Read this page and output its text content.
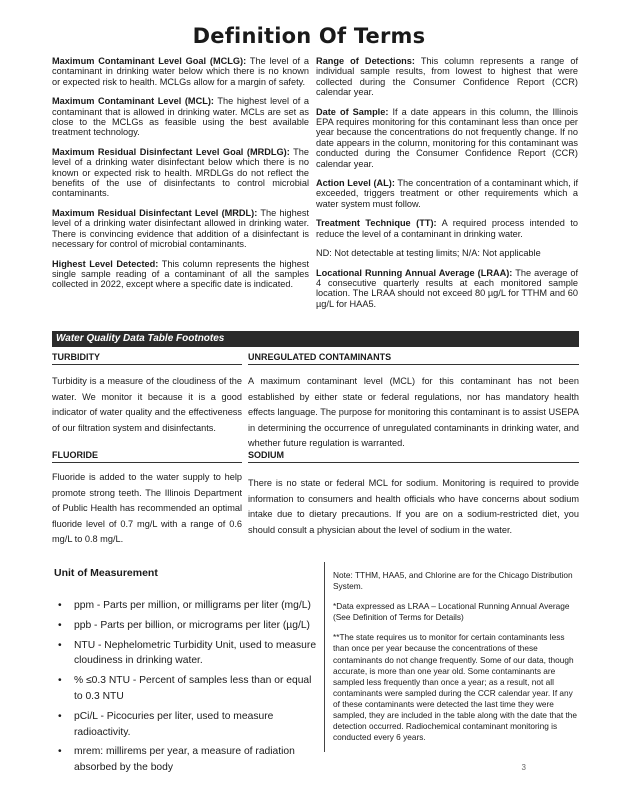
Definition Of Terms

Maximum Contaminant Level Goal (MCLG): The level of a contaminant in drinking water below which there is no known or expected risk to health. MCLGs allow for a margin of safety.

Maximum Contaminant Level (MCL): The highest level of a contaminant that is allowed in drinking water. MCLs are set as close to the MCLGs as feasible using the best available treatment technology.

Maximum Residual Disinfectant Level Goal (MRDLG): The level of a drinking water disinfectant below which there is no known or expected risk to health. MRDLGs do not reflect the benefits of the use of disinfectants to control microbial contaminants.

Maximum Residual Disinfectant Level (MRDL): The highest level of a drinking water disinfectant allowed in drinking water. There is convincing evidence that addition of a disinfectant is necessary for control of microbial contaminants.

Highest Level Detected: This column represents the highest single sample reading of a contaminant of all the samples collected in 2022, except where a specific date is indicated.

Range of Detections: This column represents a range of individual sample results, from lowest to highest that were collected during the Consumer Confidence Report (CCR) calendar year.

Date of Sample: If a date appears in this column, the Illinois EPA requires monitoring for this contaminant less than once per year because the concentrations do not frequently change. If no date appears in the column, monitoring for this contaminant was conducted during the Consumer Confidence Report (CCR) calendar year.

Action Level (AL): The concentration of a contaminant which, if exceeded, triggers treatment or other requirements which a water system must follow.

Treatment Technique (TT): A required process intended to reduce the level of a contaminant in drinking water.

ND: Not detectable at testing limits; N/A: Not applicable

Locational Running Annual Average (LRAA): The average of 4 consecutive quarterly results at each monitored sample location. The LRAA should not exceed 80 µg/L for TTHM and 60 µg/L for HAA5.

Water Quality Data Table Footnotes
TURBIDITY	UNREGULATED CONTAMINANTS
Turbidity is a measure of the cloudiness of the water. We monitor it because it is a good indicator of water quality and the effectiveness of our filtration system and disinfectants.
A maximum contaminant level (MCL) for this contaminant has not been established by either state or federal regulations, nor has mandatory health effects language. The purpose for monitoring this contaminant is to assist USEPA in determining the occurrence of unregulated contaminants in drinking water, and whether future regulation is warranted.
FLUORIDE	SODIUM
Fluoride is added to the water supply to help promote strong teeth. The Illinois Department of Public Health has recommended an optimal fluoride level of 0.7 mg/L with a range of 0.6 mg/L to 0.8 mg/L.
There is no state or federal MCL for sodium. Monitoring is required to provide information to consumers and health officials who have concerns about sodium intake due to dietary precautions. If you are on a sodium-restricted diet, you should consult a physician about the level of sodium in the water.
Unit of Measurement
• ppm - Parts per million, or milligrams per liter (mg/L)
• ppb - Parts per billion, or micrograms per liter (µg/L)
• NTU - Nephelometric Turbidity Unit, used to measure cloudiness in drinking water.
• % ≤0.3 NTU - Percent of samples less than or equal to 0.3 NTU
• pCi/L - Picocuries per liter, used to measure radioactivity.
• mrem: millirems per year, a measure of radiation absorbed by the body

Note: TTHM, HAA5, and Chlorine are for the Chicago Distribution System.

*Data expressed as LRAA – Locational Running Annual Average (See Definition of Terms for Details)

**The state requires us to monitor for certain contaminants less than once per year because the concentrations of these contaminants do not change frequently. Some of our data, though accurate, is more than one year old. Some contaminants are sampled less frequently than once a year; as a result, not all contaminants were sampled during the CCR calendar year. If any of these contaminants were detected the last time they were sampled, they are included in the table along with the date that the detection occurred. Radiochemical contaminant monitoring is conducted every 6 years.

3
